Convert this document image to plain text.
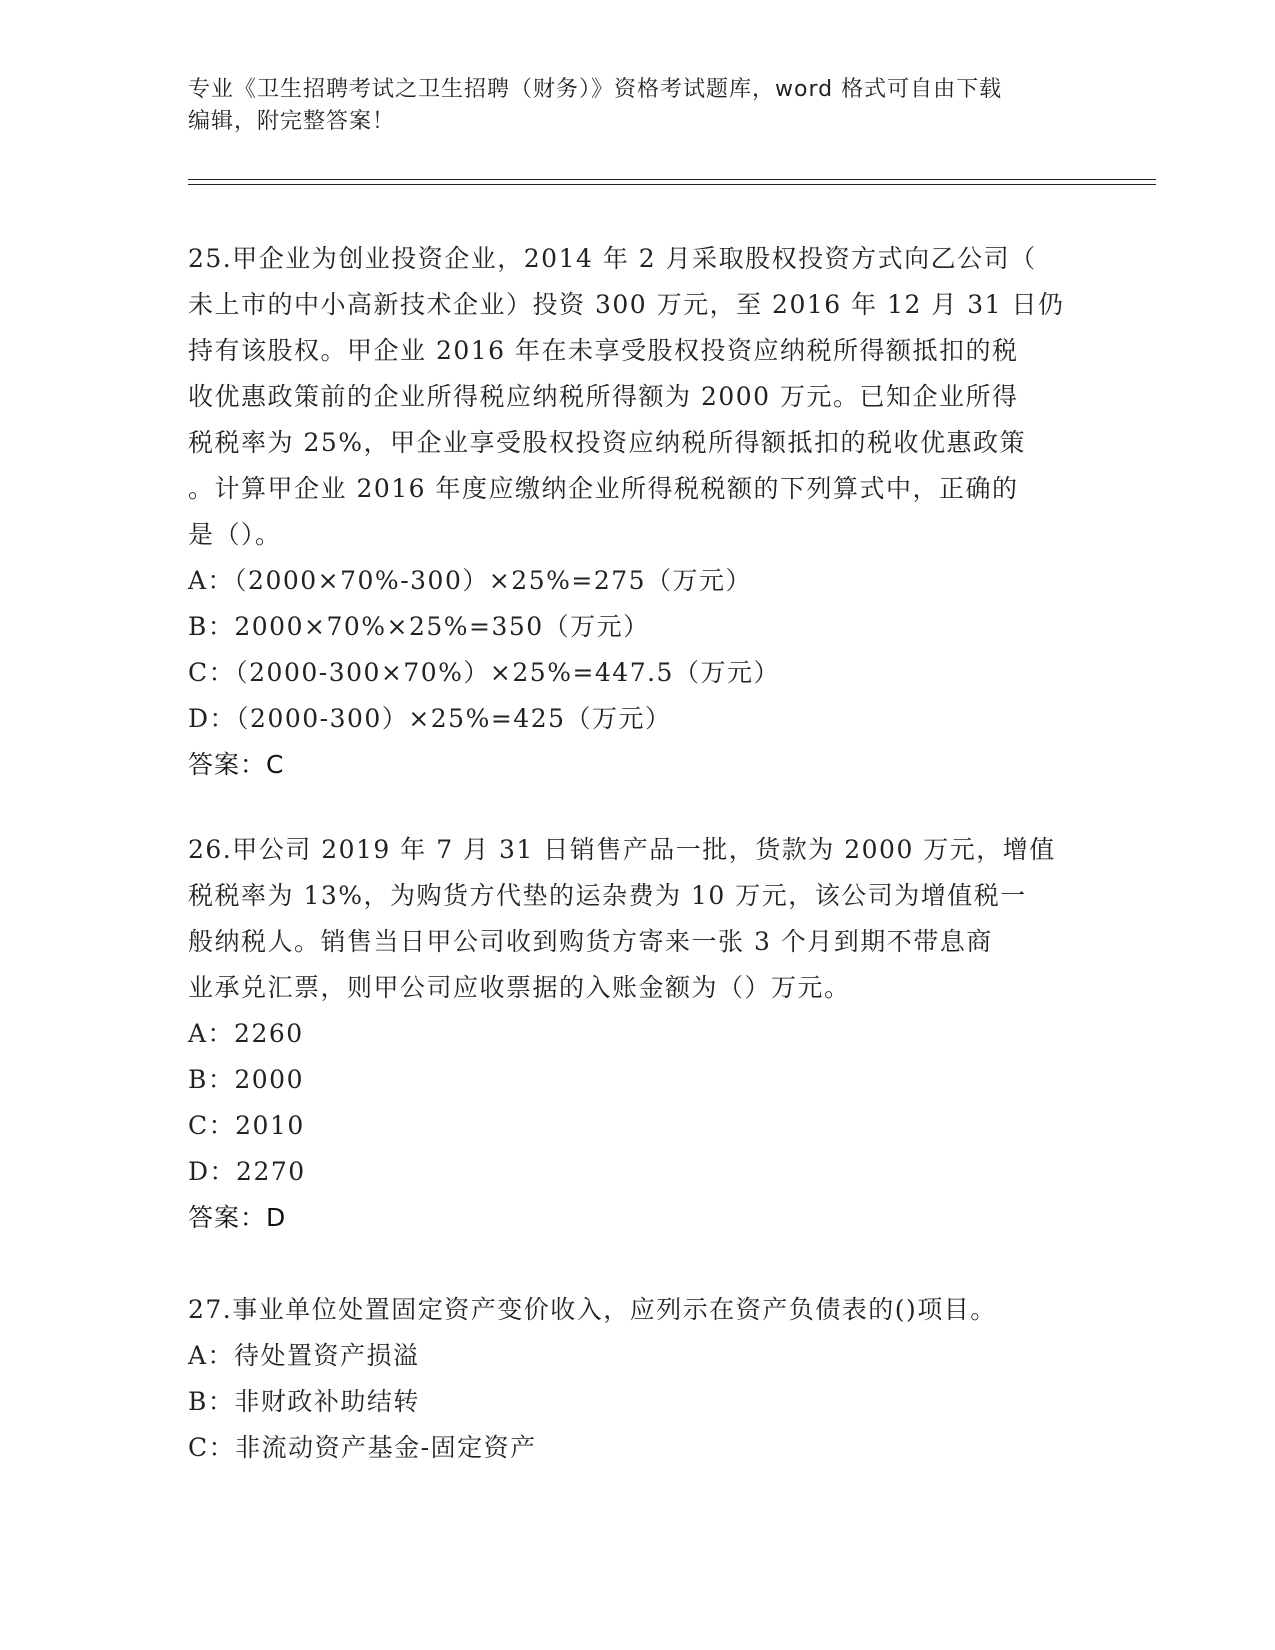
专业《卫生招聘考试之卫生招聘（财务）》资格考试题库，word 格式可自由下载
编辑，附完整答案！
25.甲企业为创业投资企业，2014 年 2 月采取股权投资方式向乙公司（
未上市的中小高新技术企业）投资 300 万元，至 2016 年 12 月 31 日仍
持有该股权。甲企业 2016 年在未享受股权投资应纳税所得额抵扣的税
收优惠政策前的企业所得税应纳税所得额为 2000 万元。已知企业所得
税税率为 25%，甲企业享受股权投资应纳税所得额抵扣的税收优惠政策
。计算甲企业 2016 年度应缴纳企业所得税税额的下列算式中，正确的
是（）。
A：（2000×70%-300）×25%=275（万元）
B：2000×70%×25%=350（万元）
C：（2000-300×70%）×25%=447.5（万元）
D：（2000-300）×25%=425（万元）
答案：C
26.甲公司 2019 年 7 月 31 日销售产品一批，货款为 2000 万元，增值
税税率为 13%，为购货方代垫的运杂费为 10 万元，该公司为增值税一
般纳税人。销售当日甲公司收到购货方寄来一张 3 个月到期不带息商
业承兑汇票，则甲公司应收票据的入账金额为（）万元。
A：2260
B：2000
C：2010
D：2270
答案：D
27.事业单位处置固定资产变价收入，应列示在资产负债表的()项目。
A：待处置资产损溢
B：非财政补助结转
C：非流动资产基金-固定资产
